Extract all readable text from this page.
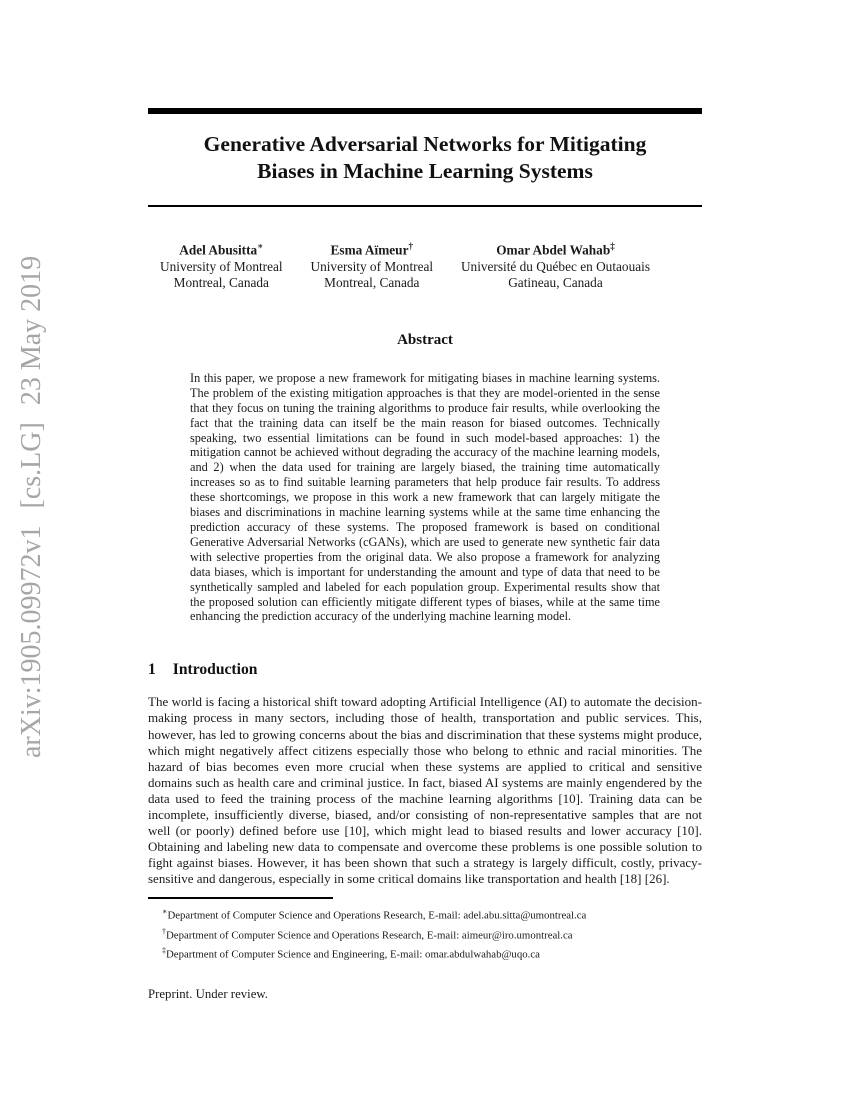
arXiv:1905.09972v1
[cs.LG]
23 May 2019
Generative Adversarial Networks for Mitigating
Biases in Machine Learning Systems
Adel Abusitta∗
University of Montreal
Montreal, Canada
Esma Aïmeur†
University of Montreal
Montreal, Canada
Omar Abdel Wahab‡
Université du Québec en Outaouais
Gatineau, Canada
Abstract

In this paper, we propose a new framework for mitigating biases in machine learning systems. The problem of the existing mitigation approaches is that they are model-oriented in the sense that they focus on tuning the training algorithms to produce fair results, while overlooking the fact that the training data can itself be the main reason for biased outcomes. Technically speaking, two essential limitations can be found in such model-based approaches: 1) the mitigation cannot be achieved without degrading the accuracy of the machine learning models, and 2) when the data used for training are largely biased, the training time automatically increases so as to find suitable learning parameters that help produce fair results. To address these shortcomings, we propose in this work a new framework that can largely mitigate the biases and discriminations in machine learning systems while at the same time enhancing the prediction accuracy of these systems. The proposed framework is based on conditional Generative Adversarial Networks (cGANs), which are used to generate new synthetic fair data with selective properties from the original data. We also propose a framework for analyzing data biases, which is important for understanding the amount and type of data that need to be synthetically sampled and labeled for each population group. Experimental results show that the proposed solution can efficiently mitigate different types of biases, while at the same time enhancing the prediction accuracy of the underlying machine learning model.

1 Introduction

The world is facing a historical shift toward adopting Artificial Intelligence (AI) to automate the decision-making process in many sectors, including those of health, transportation and public services. This, however, has led to growing concerns about the bias and discrimination that these systems might produce, which might negatively affect citizens especially those who belong to ethnic and racial minorities. The hazard of bias becomes even more crucial when these systems are applied to critical and sensitive domains such as health care and criminal justice. In fact, biased AI systems are mainly engendered by the data used to feed the training process of the machine learning algorithms [10]. Training data can be incomplete, insufficiently diverse, biased, and/or consisting of non-representative samples that are not well (or poorly) defined before use [10], which might lead to biased results and lower accuracy [10]. Obtaining and labeling new data to compensate and overcome these problems is one possible solution to fight against biases. However, it has been shown that such a strategy is largely difficult, costly, privacy-sensitive and dangerous, especially in some critical domains like transportation and health [18] [26].

∗Department of Computer Science and Operations Research, E-mail: adel.abu.sitta@umontreal.ca
†Department of Computer Science and Operations Research, E-mail: aimeur@iro.umontreal.ca
‡Department of Computer Science and Engineering, E-mail: omar.abdulwahab@uqo.ca
Preprint. Under review.
